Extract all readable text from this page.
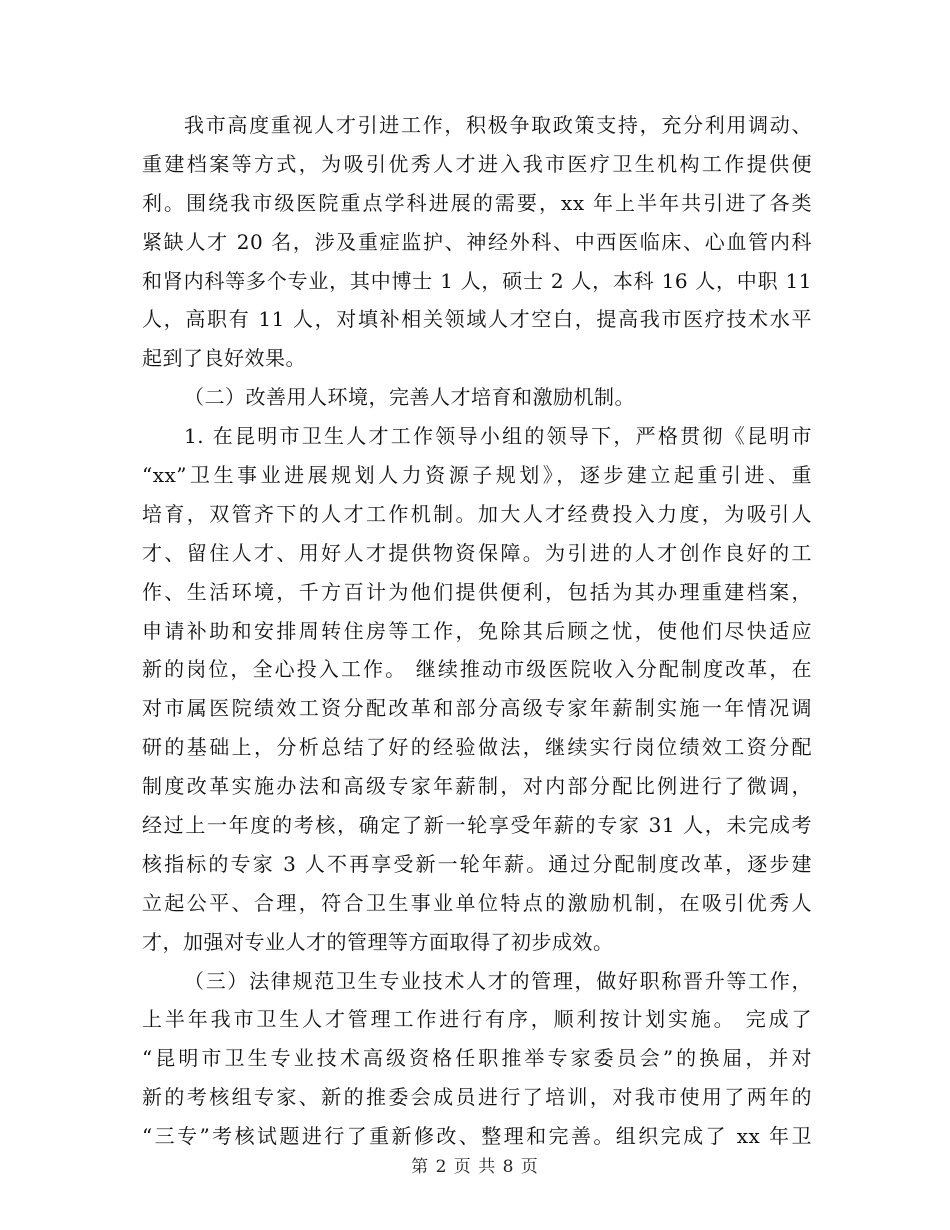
我市高度重视人才引进工作，积极争取政策支持，充分利用调动、
重建档案等方式，为吸引优秀人才进入我市医疗卫生机构工作提供便
利。围绕我市级医院重点学科进展的需要，xx 年上半年共引进了各类
紧缺人才 20 名，涉及重症监护、神经外科、中西医临床、心血管内科
和肾内科等多个专业，其中博士 1 人，硕士 2 人，本科 16 人，中职 11
人，高职有 11 人，对填补相关领域人才空白，提高我市医疗技术水平
起到了良好效果。
（二）改善用人环境，完善人才培育和激励机制。
1. 在昆明市卫生人才工作领导小组的领导下，严格贯彻《昆明市
“xx”卫生事业进展规划人力资源子规划》，逐步建立起重引进、重
培育，双管齐下的人才工作机制。加大人才经费投入力度，为吸引人
才、留住人才、用好人才提供物资保障。为引进的人才创作良好的工
作、生活环境，千方百计为他们提供便利，包括为其办理重建档案，
申请补助和安排周转住房等工作，免除其后顾之忧，使他们尽快适应
新的岗位，全心投入工作。 继续推动市级医院收入分配制度改革，在
对市属医院绩效工资分配改革和部分高级专家年薪制实施一年情况调
研的基础上，分析总结了好的经验做法，继续实行岗位绩效工资分配
制度改革实施办法和高级专家年薪制，对内部分配比例进行了微调，
经过上一年度的考核，确定了新一轮享受年薪的专家 31 人，未完成考
核指标的专家 3 人不再享受新一轮年薪。通过分配制度改革，逐步建
立起公平、合理，符合卫生事业单位特点的激励机制，在吸引优秀人
才，加强对专业人才的管理等方面取得了初步成效。
（三）法律规范卫生专业技术人才的管理，做好职称晋升等工作，
上半年我市卫生人才管理工作进行有序，顺利按计划实施。 完成了
“昆明市卫生专业技术高级资格任职推举专家委员会”的换届，并对
新的考核组专家、新的推委会成员进行了培训，对我市使用了两年的
“三专”考核试题进行了重新修改、整理和完善。组织完成了 xx 年卫
第 2 页 共 8 页
